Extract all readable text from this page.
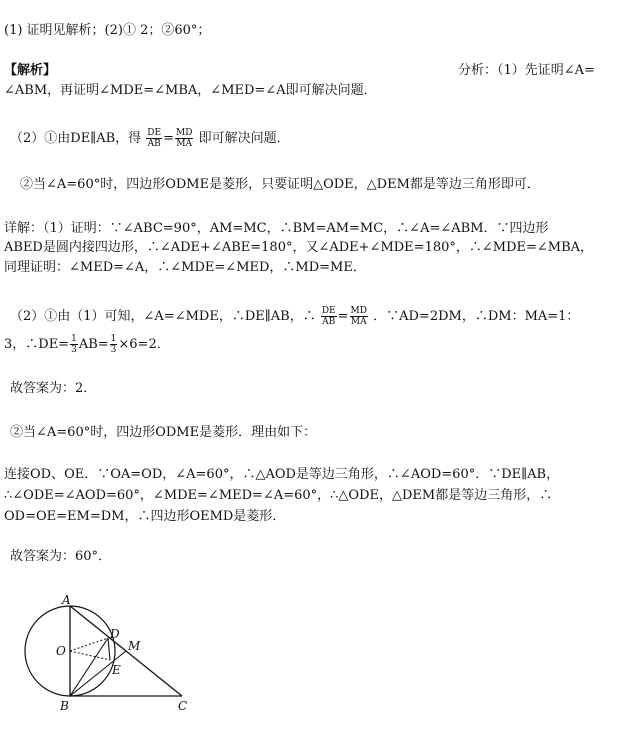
(1) 证明见解析；(2)① 2；②60°；
【解析】	分析：（1）先证明∠A=
∠ABM，再证明∠MDE=∠MBA，∠MED=∠A即可解决问题．
（2）①由DE∥AB，得 $\frac{DE}{AB} = \frac{MD}{MA}$ 即可解决问题．
②当∠A=60°时，四边形ODME是菱形，只要证明△ODE，△DEM都是等边三角形即可．
详解：（1）证明：∵∠ABC=90°，AM=MC，∴BM=AM=MC，∴∠A=∠ABM．∵四边形
ABED是圆内接四边形，∴∠ADE+∠ABE=180°，又∠ADE+∠MDE=180°，∴∠MDE=∠MBA，
同理证明：∠MED=∠A，∴∠MDE=∠MED，∴MD=ME．
（2）①由（1）可知，∠A=∠MDE，∴DE∥AB，∴ $\frac{DE}{AB} = \frac{MD}{MA}$ ．∵AD=2DM，∴DM：MA=1：
3，∴DE= $\frac{1}{3} AB= \frac{1}{3} \times 6=2$．
故答案为：2．
②当∠A=60°时，四边形ODME是菱形．理由如下：
连接OD、OE．∵OA=OD，∠A=60°，∴△AOD是等边三角形，∴∠AOD=60°．∵DE∥AB，
∴∠ODE=∠AOD=60°，∠MDE=∠MED=∠A=60°，∴△ODE，△DEM都是等边三角形，∴
OD=OE=EM=DM，∴四边形OEMD是菱形．
故答案为：60°．
A
B	C
D
E
M
O
